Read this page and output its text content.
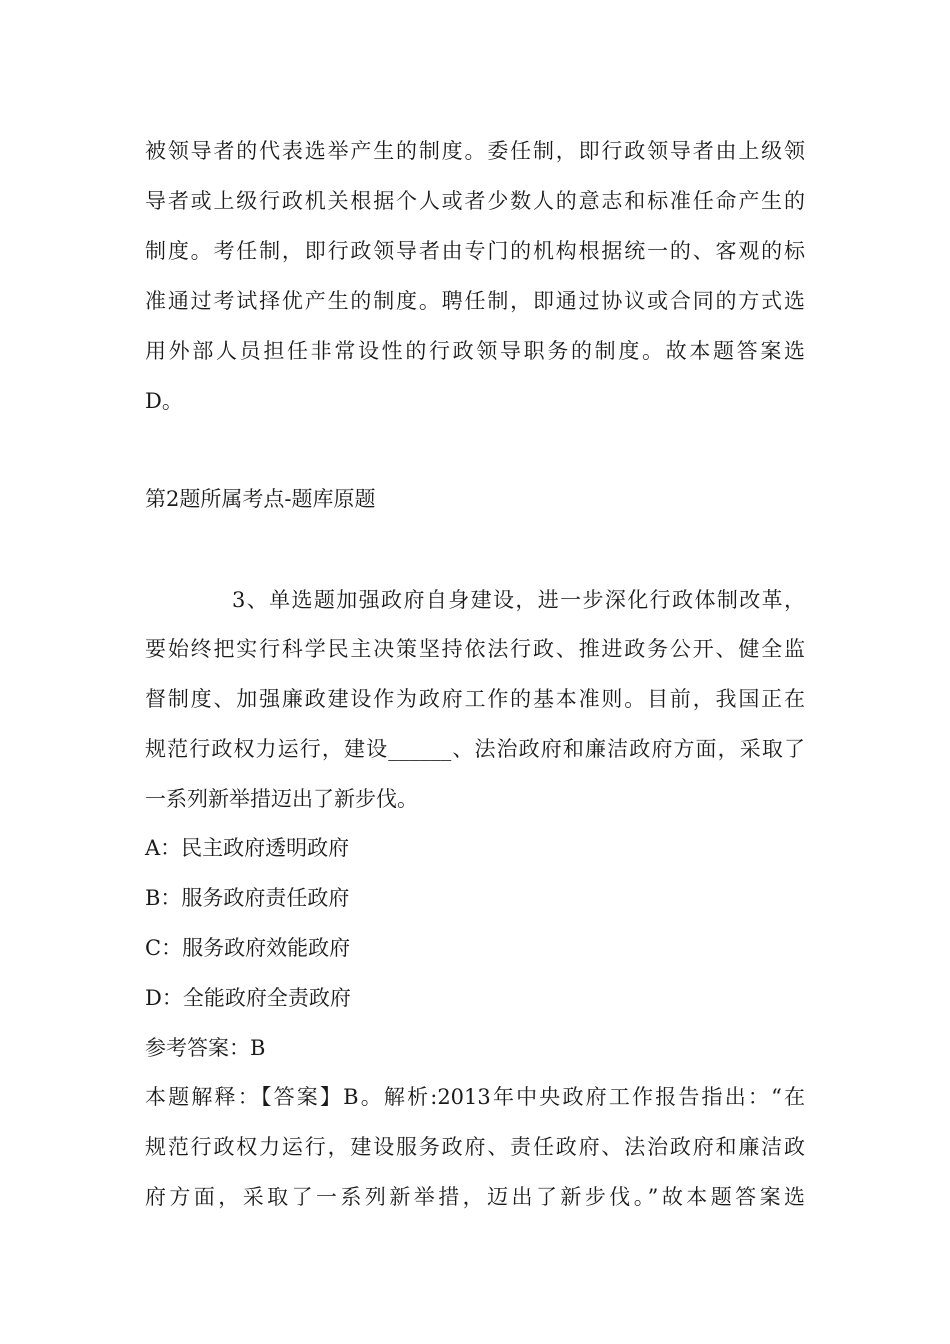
被领导者的代表选举产生的制度。委任制，即行政领导者由上级领
导者或上级行政机关根据个人或者少数人的意志和标准任命产生的
制度。考任制，即行政领导者由专门的机构根据统一的、客观的标
准通过考试择优产生的制度。聘任制，即通过协议或合同的方式选
用外部人员担任非常设性的行政领导职务的制度。故本题答案选
D。
第2题所属考点-题库原题
3、单选题加强政府自身建设，进一步深化行政体制改革，
要始终把实行科学民主决策坚持依法行政、推进政务公开、健全监
督制度、加强廉政建设作为政府工作的基本准则。目前，我国正在
规范行政权力运行，建设______、法治政府和廉洁政府方面，采取了
一系列新举措迈出了新步伐。
A：民主政府透明政府
B：服务政府责任政府
C：服务政府效能政府
D：全能政府全责政府
参考答案：B
本题解释：【答案】B。解析:2013年中央政府工作报告指出：“在
规范行政权力运行，建设服务政府、责任政府、法治政府和廉洁政
府方面，采取了一系列新举措，迈出了新步伐。”故本题答案选
